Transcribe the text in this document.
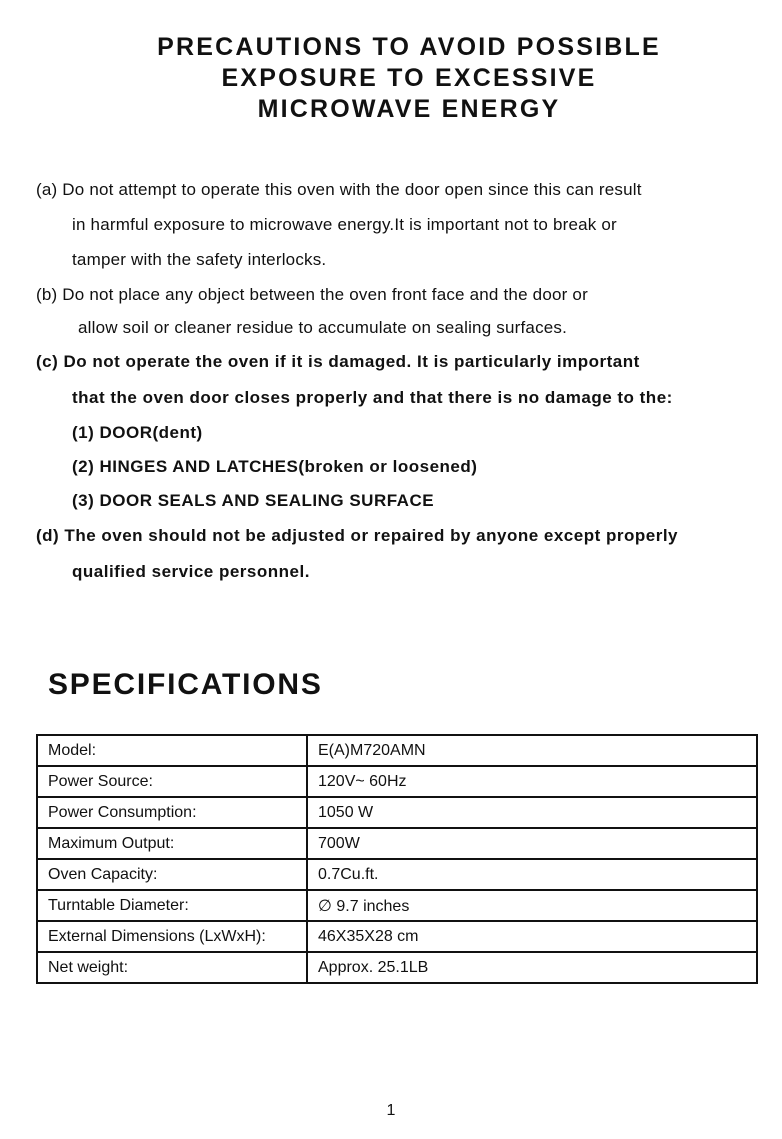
PRECAUTIONS TO AVOID POSSIBLE
EXPOSURE TO EXCESSIVE
MICROWAVE ENERGY
(a) Do not attempt to operate this oven with the door open since this can result
in harmful exposure to microwave energy.It is important not to break or
tamper with the safety interlocks.
(b) Do not place any object between the oven front face and the door or
allow soil or cleaner residue to accumulate on sealing surfaces.
(c) Do not operate the oven if it is damaged. It is particularly important
that the oven door closes properly and that there is no damage to the:
(1) DOOR(dent)
(2) HINGES AND LATCHES(broken or loosened)
(3) DOOR SEALS AND SEALING SURFACE
(d) The oven should not be adjusted or repaired by anyone except properly
qualified service personnel.
SPECIFICATIONS
Model:	E(A)M720AMN
Power Source:	120V~ 60Hz
Power Consumption:	1050 W
Maximum Output:	700W
Oven Capacity:	0.7Cu.ft.
Turntable Diameter:	∅ 9.7 inches
External Dimensions (LxWxH):	46X35X28 cm
Net weight:	Approx. 25.1LB
1
